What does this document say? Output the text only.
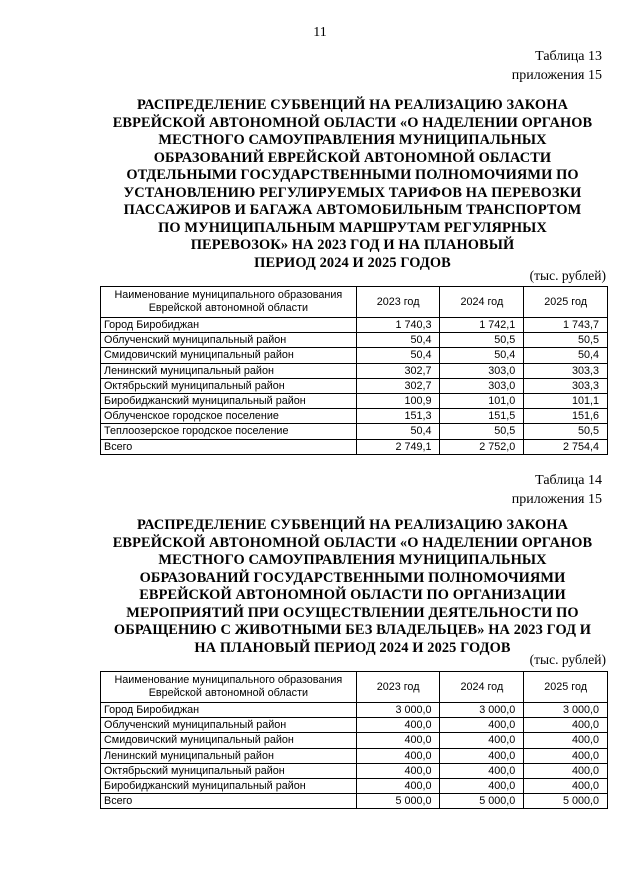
11
Таблица 13
приложения 15
РАСПРЕДЕЛЕНИЕ СУБВЕНЦИЙ НА РЕАЛИЗАЦИЮ ЗАКОНА
ЕВРЕЙСКОЙ АВТОНОМНОЙ ОБЛАСТИ «О НАДЕЛЕНИИ ОРГАНОВ
МЕСТНОГО САМОУПРАВЛЕНИЯ МУНИЦИПАЛЬНЫХ
ОБРАЗОВАНИЙ ЕВРЕЙСКОЙ АВТОНОМНОЙ ОБЛАСТИ
ОТДЕЛЬНЫМИ ГОСУДАРСТВЕННЫМИ ПОЛНОМОЧИЯМИ ПО
УСТАНОВЛЕНИЮ РЕГУЛИРУЕМЫХ ТАРИФОВ НА ПЕРЕВОЗКИ
ПАССАЖИРОВ И БАГАЖА АВТОМОБИЛЬНЫМ ТРАНСПОРТОМ
ПО МУНИЦИПАЛЬНЫМ МАРШРУТАМ РЕГУЛЯРНЫХ
ПЕРЕВОЗОК» НА 2023 ГОД И НА ПЛАНОВЫЙ
ПЕРИОД 2024 И 2025 ГОДОВ
(тыс. рублей)
Наименование муниципального образования
Еврейской автономной области	2023 год	2024 год	2025 год
Город Биробиджан	1 740,3	1 742,1	1 743,7
Облученский муниципальный район	50,4	50,5	50,5
Смидовичский муниципальный район	50,4	50,4	50,4
Ленинский муниципальный район	302,7	303,0	303,3
Октябрьский муниципальный район	302,7	303,0	303,3
Биробиджанский муниципальный район	100,9	101,0	101,1
Облученское городское поселение	151,3	151,5	151,6
Теплоозерское городское поселение	50,4	50,5	50,5
Всего	2 749,1	2 752,0	2 754,4
Таблица 14
приложения 15
РАСПРЕДЕЛЕНИЕ СУБВЕНЦИЙ НА РЕАЛИЗАЦИЮ ЗАКОНА
ЕВРЕЙСКОЙ АВТОНОМНОЙ ОБЛАСТИ «О НАДЕЛЕНИИ ОРГАНОВ
МЕСТНОГО САМОУПРАВЛЕНИЯ МУНИЦИПАЛЬНЫХ
ОБРАЗОВАНИЙ ГОСУДАРСТВЕННЫМИ ПОЛНОМОЧИЯМИ
ЕВРЕЙСКОЙ АВТОНОМНОЙ ОБЛАСТИ ПО ОРГАНИЗАЦИИ
МЕРОПРИЯТИЙ ПРИ ОСУЩЕСТВЛЕНИИ ДЕЯТЕЛЬНОСТИ ПО
ОБРАЩЕНИЮ С ЖИВОТНЫМИ БЕЗ ВЛАДЕЛЬЦЕВ» НА 2023 ГОД И
НА ПЛАНОВЫЙ ПЕРИОД 2024 И 2025 ГОДОВ
(тыс. рублей)
Наименование муниципального образования
Еврейской автономной области	2023 год	2024 год	2025 год
Город Биробиджан	3 000,0	3 000,0	3 000,0
Облученский муниципальный район	400,0	400,0	400,0
Смидовичский муниципальный район	400,0	400,0	400,0
Ленинский муниципальный район	400,0	400,0	400,0
Октябрьский муниципальный район	400,0	400,0	400,0
Биробиджанский муниципальный район	400,0	400,0	400,0
Всего	5 000,0	5 000,0	5 000,0
